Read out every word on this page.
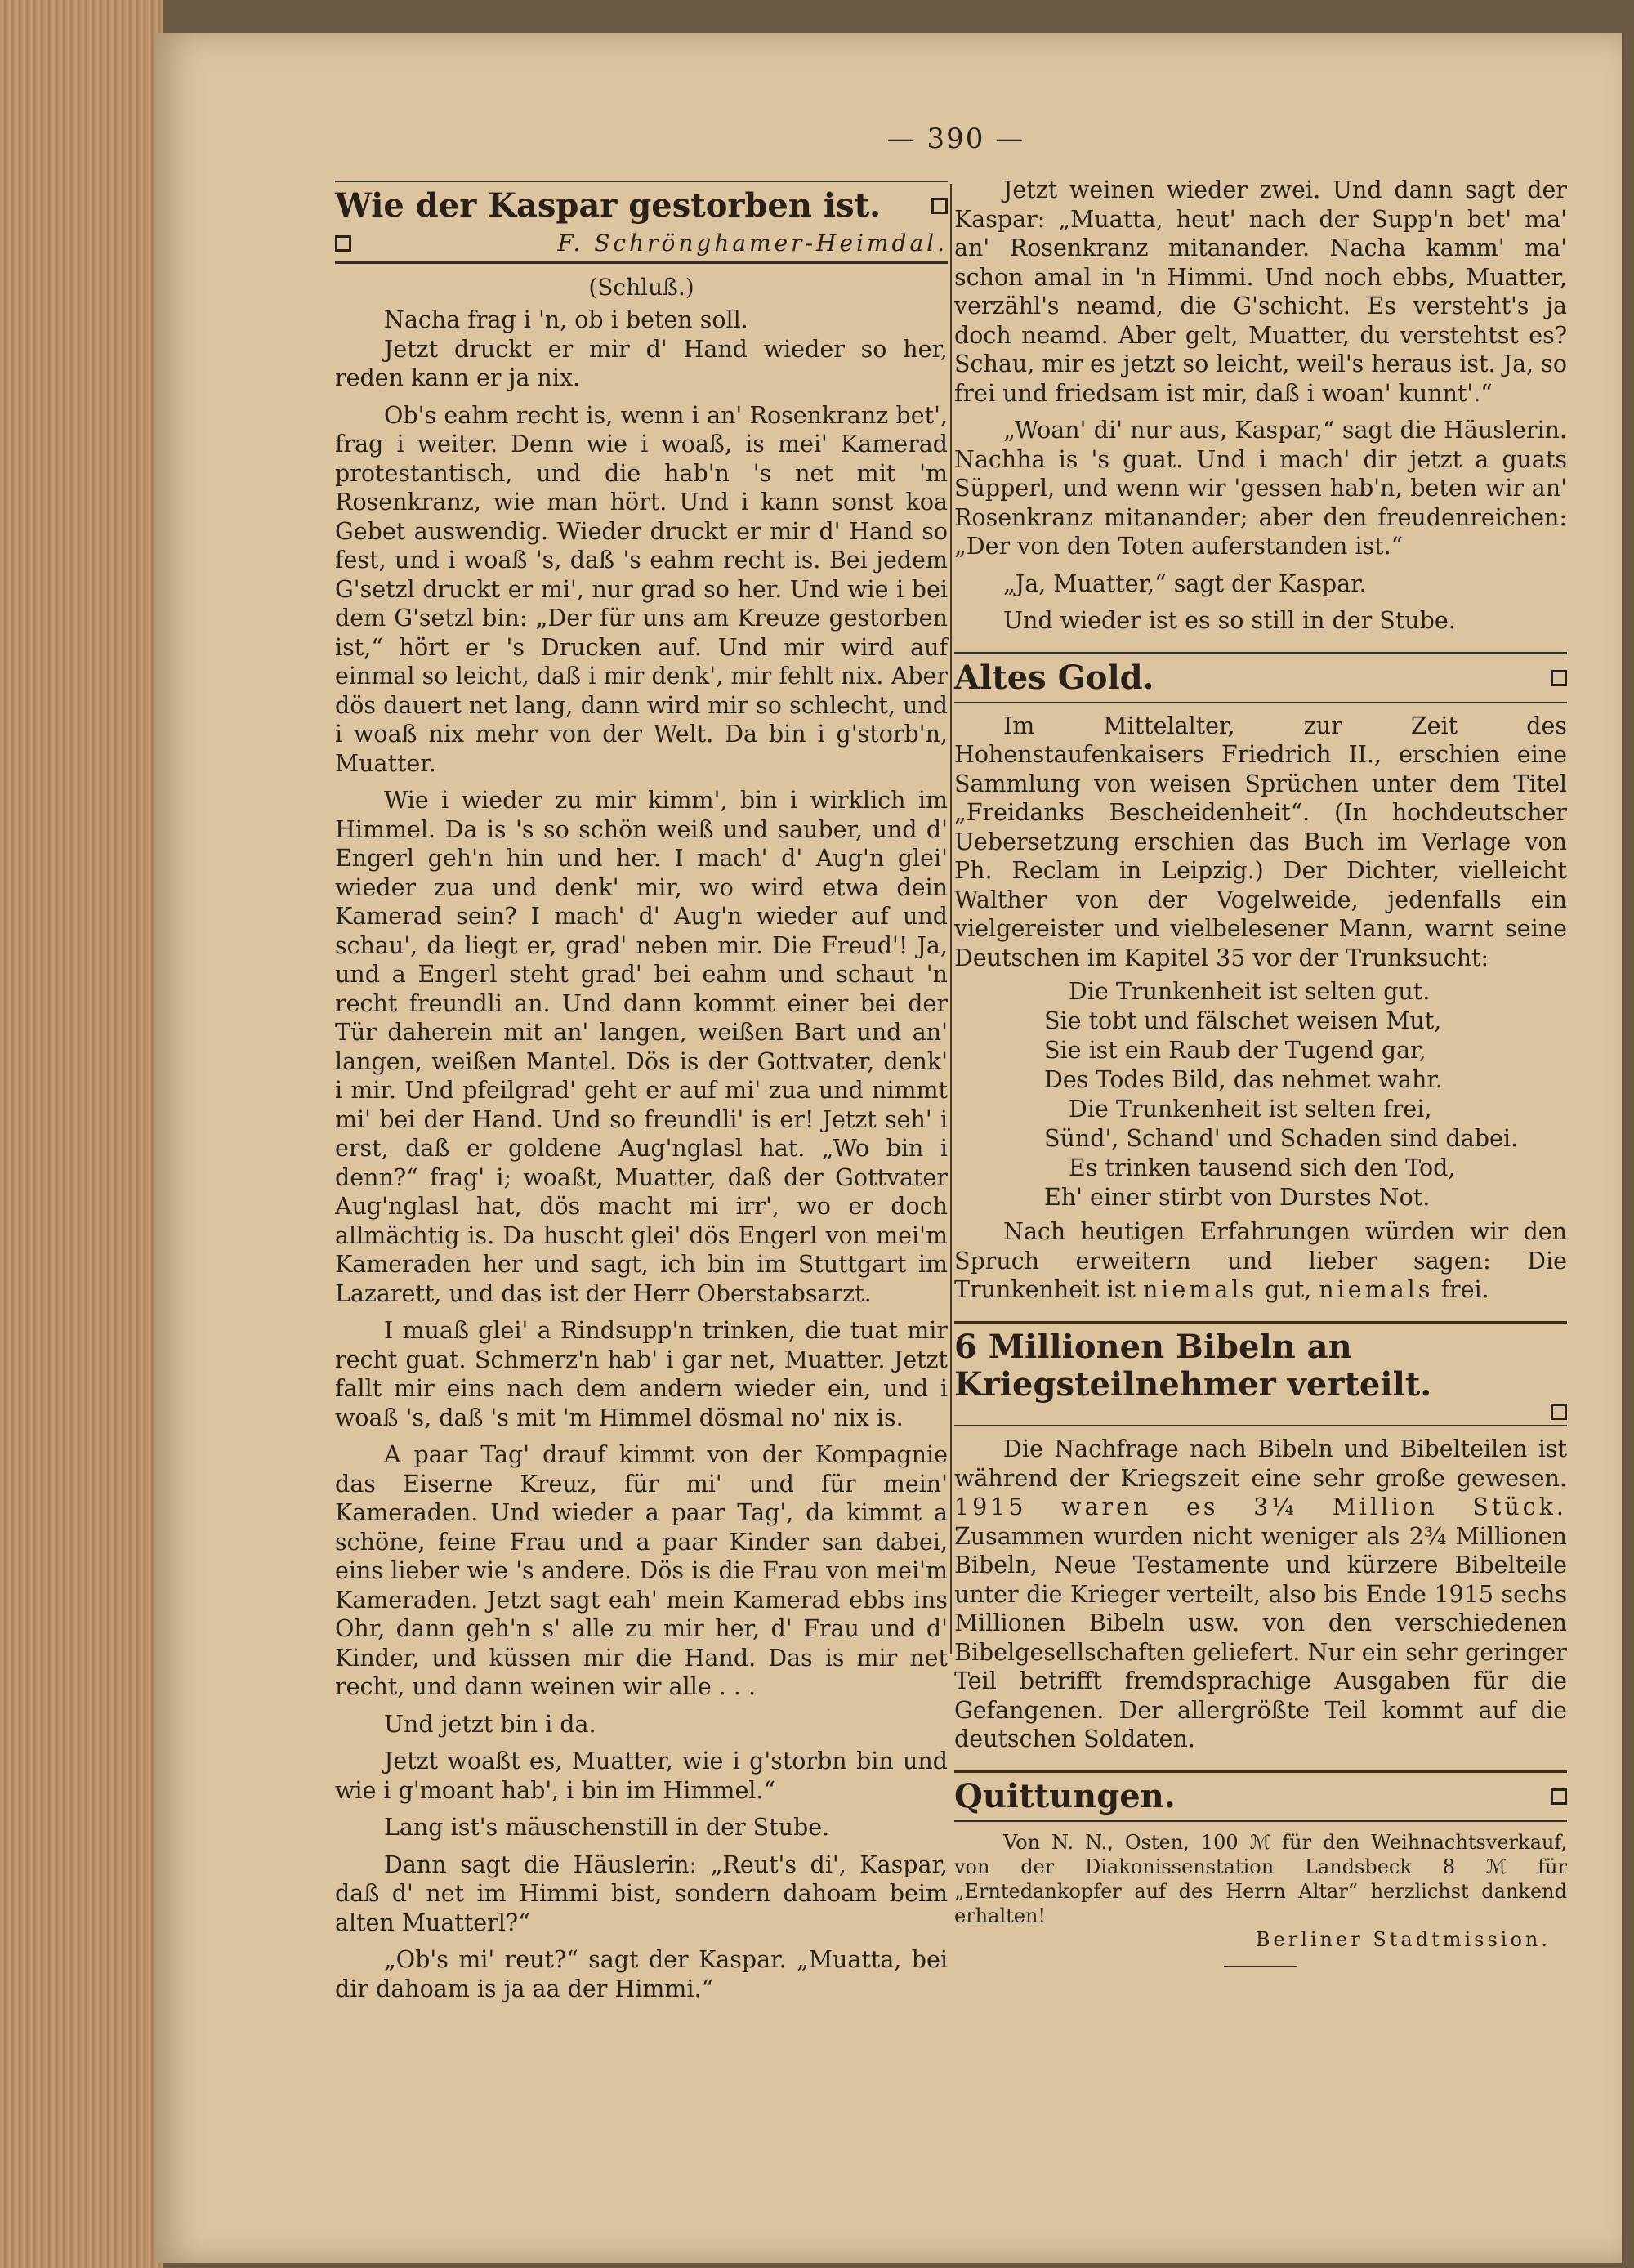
— 390 —
Wie der Kaspar gestorben ist.
F. Schrönghamer-Heimdal.
(Schluß.)

Nacha frag i 'n, ob i beten soll.

Jetzt druckt er mir d' Hand wieder so her, reden kann er ja nix.

Ob's eahm recht is, wenn i an' Rosenkranz bet', frag i weiter. Denn wie i woaß, is mei' Kamerad protestantisch, und die hab'n 's net mit 'm Rosenkranz, wie man hört. Und i kann sonst koa Gebet auswendig. Wieder druckt er mir d' Hand so fest, und i woaß 's, daß 's eahm recht is. Bei jedem G'setzl druckt er mi', nur grad so her. Und wie i bei dem G'setzl bin: „Der für uns am Kreuze gestorben ist,“ hört er 's Drucken auf. Und mir wird auf einmal so leicht, daß i mir denk', mir fehlt nix. Aber dös dauert net lang, dann wird mir so schlecht, und i woaß nix mehr von der Welt. Da bin i g'storb'n, Muatter.

Wie i wieder zu mir kimm', bin i wirklich im Himmel. Da is 's so schön weiß und sauber, und d' Engerl geh'n hin und her. I mach' d' Aug'n glei' wieder zua und denk' mir, wo wird etwa dein Kamerad sein? I mach' d' Aug'n wieder auf und schau', da liegt er, grad' neben mir. Die Freud'! Ja, und a Engerl steht grad' bei eahm und schaut 'n recht freundli an. Und dann kommt einer bei der Tür daherein mit an' langen, weißen Bart und an' langen, weißen Mantel. Dös is der Gottvater, denk' i mir. Und pfeilgrad' geht er auf mi' zua und nimmt mi' bei der Hand. Und so freundli' is er! Jetzt seh' i erst, daß er goldene Aug'nglasl hat. „Wo bin i denn?“ frag' i; woaßt, Muatter, daß der Gottvater Aug'nglasl hat, dös macht mi irr', wo er doch allmächtig is. Da huscht glei' dös Engerl von mei'm Kameraden her und sagt, ich bin im Stuttgart im Lazarett, und das ist der Herr Oberstabsarzt.

I muaß glei' a Rindsupp'n trinken, die tuat mir recht guat. Schmerz'n hab' i gar net, Muatter. Jetzt fallt mir eins nach dem andern wieder ein, und i woaß 's, daß 's mit 'm Himmel dösmal no' nix is.

A paar Tag' drauf kimmt von der Kompagnie das Eiserne Kreuz, für mi' und für mein' Kameraden. Und wieder a paar Tag', da kimmt a schöne, feine Frau und a paar Kinder san dabei, eins lieber wie 's andere. Dös is die Frau von mei'm Kameraden. Jetzt sagt eah' mein Kamerad ebbs ins Ohr, dann geh'n s' alle zu mir her, d' Frau und d' Kinder, und küssen mir die Hand. Das is mir net recht, und dann weinen wir alle . . .

Und jetzt bin i da.

Jetzt woaßt es, Muatter, wie i g'storbn bin und wie i g'moant hab', i bin im Himmel.“

Lang ist's mäuschenstill in der Stube.

Dann sagt die Häuslerin: „Reut's di', Kaspar, daß d' net im Himmi bist, sondern dahoam beim alten Muatterl?“

„Ob's mi' reut?“ sagt der Kaspar. „Muatta, bei dir dahoam is ja aa der Himmi.“

Jetzt weinen wieder zwei. Und dann sagt der Kaspar: „Muatta, heut' nach der Supp'n bet' ma' an' Rosenkranz mitanander. Nacha kamm' ma' schon amal in 'n Himmi. Und noch ebbs, Muatter, verzähl's neamd, die G'schicht. Es versteht's ja doch neamd. Aber gelt, Muatter, du verstehtst es? Schau, mir es jetzt so leicht, weil's heraus ist. Ja, so frei und friedsam ist mir, daß i woan' kunnt'.“

„Woan' di' nur aus, Kaspar,“ sagt die Häuslerin. Nachha is 's guat. Und i mach' dir jetzt a guats Süpperl, und wenn wir 'gessen hab'n, beten wir an' Rosenkranz mitanander; aber den freudenreichen: „Der von den Toten auferstanden ist.“

„Ja, Muatter,“ sagt der Kaspar.

Und wieder ist es so still in der Stube.

Altes Gold.

Im Mittelalter, zur Zeit des Hohenstaufenkaisers Friedrich II., erschien eine Sammlung von weisen Sprüchen unter dem Titel „Freidanks Bescheidenheit“. (In hochdeutscher Uebersetzung erschien das Buch im Verlage von Ph. Reclam in Leipzig.) Der Dichter, vielleicht Walther von der Vogelweide, jedenfalls ein vielgereister und vielbelesener Mann, warnt seine Deutschen im Kapitel 35 vor der Trunksucht:

Die Trunkenheit ist selten gut.
Sie tobt und fälschet weisen Mut,
Sie ist ein Raub der Tugend gar,
Des Todes Bild, das nehmet wahr.
Die Trunkenheit ist selten frei,
Sünd', Schand' und Schaden sind dabei.
Es trinken tausend sich den Tod,
Eh' einer stirbt von Durstes Not.

Nach heutigen Erfahrungen würden wir den Spruch erweitern und lieber sagen: Die Trunkenheit ist niemals gut, niemals frei.

6 Millionen Bibeln an Kriegsteilnehmer verteilt.

Die Nachfrage nach Bibeln und Bibelteilen ist während der Kriegszeit eine sehr große gewesen. 1915 waren es 3¼ Million Stück. Zusammen wurden nicht weniger als 2¾ Millionen Bibeln, Neue Testamente und kürzere Bibelteile unter die Krieger verteilt, also bis Ende 1915 sechs Millionen Bibeln usw. von den verschiedenen Bibelgesellschaften geliefert. Nur ein sehr geringer Teil betrifft fremdsprachige Ausgaben für die Gefangenen. Der allergrößte Teil kommt auf die deutschen Soldaten.

Quittungen.

Von N. N., Osten, 100 ℳ für den Weihnachtsverkauf, von der Diakonissenstation Landsbeck 8 ℳ für „Erntedankopfer auf des Herrn Altar“ herzlichst dankend erhalten!

Berliner Stadtmission.
